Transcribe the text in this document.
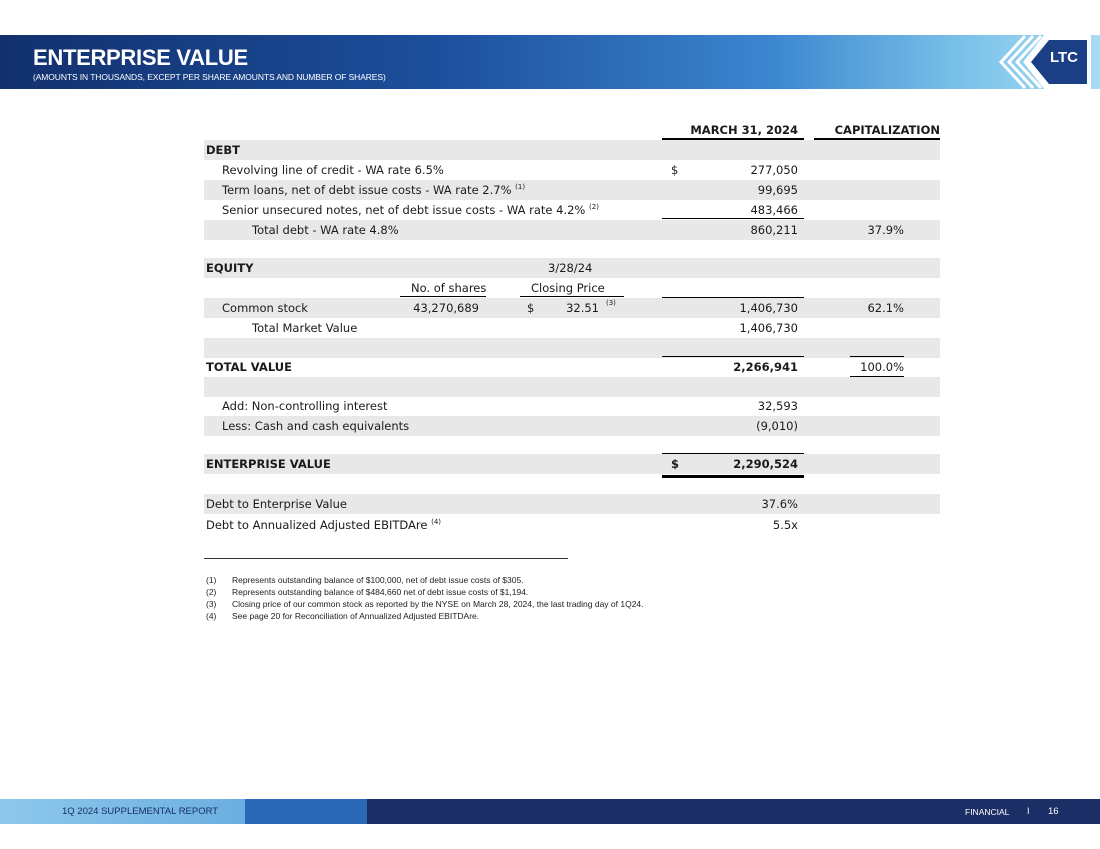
ENTERPRISE VALUE
(AMOUNTS IN THOUSANDS, EXCEPT PER SHARE AMOUNTS AND NUMBER OF SHARES)
LTC
REIT
MARCH 31, 2024	CAPITALIZATION
DEBT
Revolving line of credit - WA rate 6.5%	$	277,050
Term loans, net of debt issue costs - WA rate 2.7% $^{(1)}$	99,695
Senior unsecured notes, net of debt issue costs - WA rate 4.2% $^{(2)}$	483,466
Total debt - WA rate 4.8%	860,211	37.9%
EQUITY	3/28/24
No. of shares	Closing Price
Common stock	43,270,689	$	32.51 (3)	1,406,730	62.1%
Total Market Value	1,406,730
TOTAL VALUE	2,266,941	100.0%
Add: Non-controlling interest	32,593
Less: Cash and cash equivalents	(9,010)
ENTERPRISE VALUE	$	2,290,524
Debt to Enterprise Value	37.6%
Debt to Annualized Adjusted EBITDAre $^{(4)}$	5.5x
(1) Represents outstanding balance of $100,000, net of debt issue costs of $305.
(2) Represents outstanding balance of $484,660 net of debt issue costs of $1,194.
(3) Closing price of our common stock as reported by the NYSE on March 28, 2024, the last trading day of 1Q24.
(4) See page 20 for Reconciliation of Annualized Adjusted EBITDAre.
1Q 2024 SUPPLEMENTAL REPORT	FINANCIAL I 16
